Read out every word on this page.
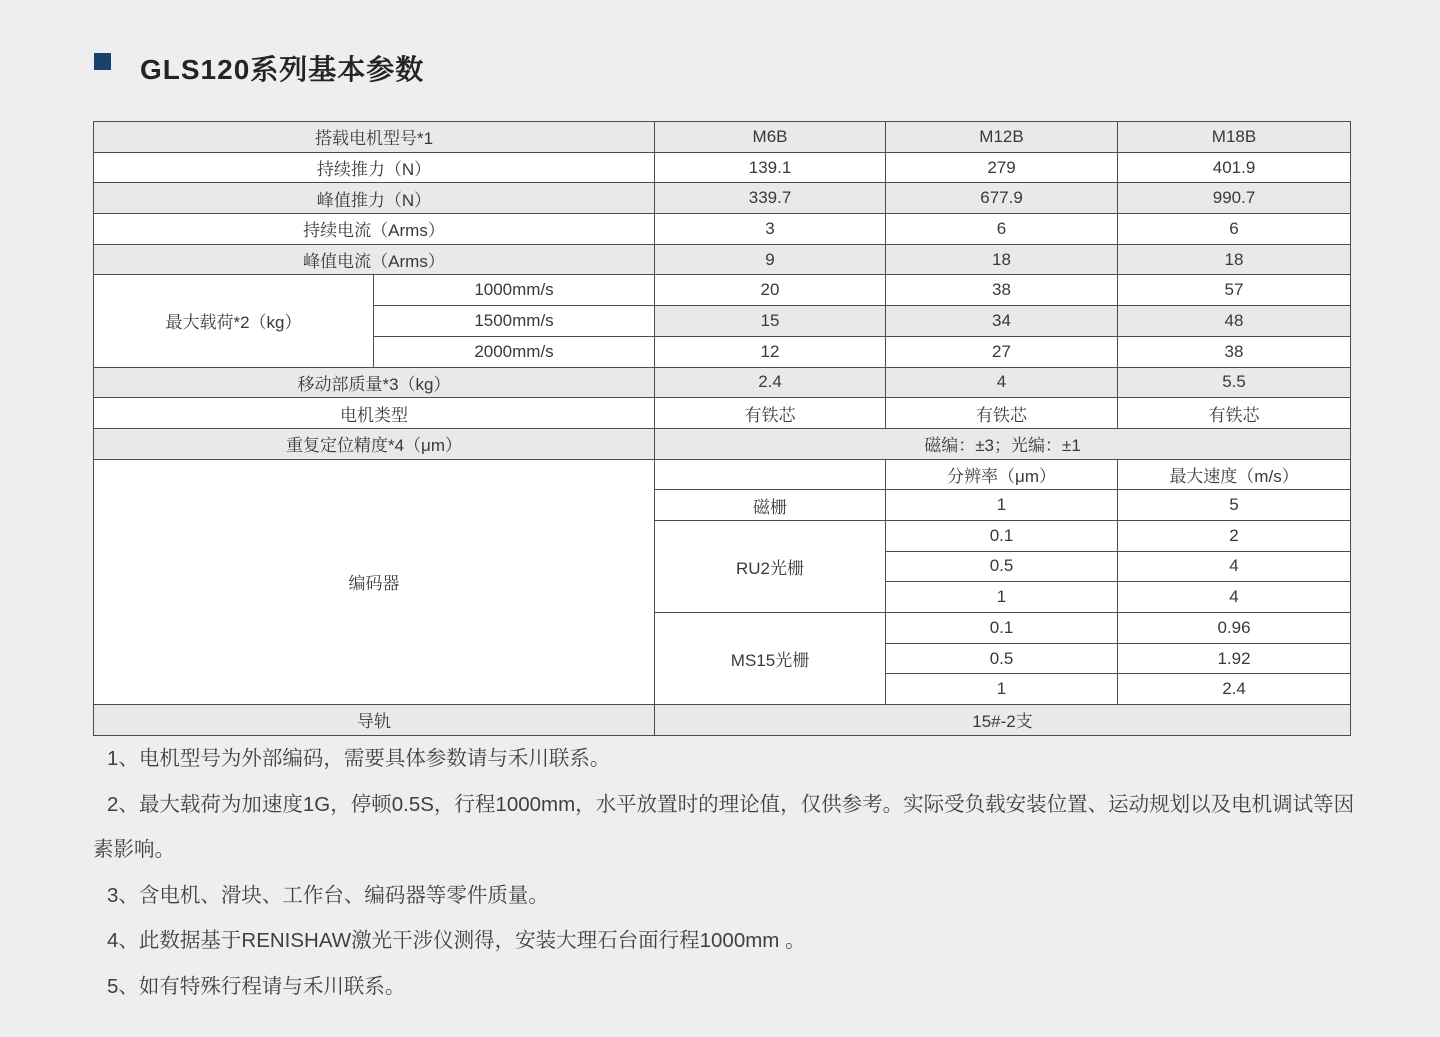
GLS120系列基本参数
搭载电机型号*1		M6B	M12B	M18B
持续推力（N）		139.1	279	401.9
峰值推力（N）		339.7	677.9	990.7
持续电流（Arms）		3	6	6
峰值电流（Arms）		9	18	18
最大载荷*2（kg）	1000mm/s	20	38	57
	1500mm/s	15	34	48
	2000mm/s	12	27	38
移动部质量*3（kg）		2.4	4	5.5
电机类型		有铁芯	有铁芯	有铁芯
重复定位精度*4（μm）		磁编：±3；光编：±1		
编码器			分辨率（μm）	最大速度（m/s）
		磁栅	1	5
		RU2光栅	0.1	2
			0.5	4
			1	4
		MS15光栅	0.1	0.96
			0.5	1.92
			1	2.4
导轨		15#-2支		

1、电机型号为外部编码，需要具体参数请与禾川联系。

2、最大载荷为加速度1G，停顿0.5S，行程1000mm，水平放置时的理论值，仅供参考。实际受负载安装位置、运动规划以及电机调试等因素影响。

3、含电机、滑块、工作台、编码器等零件质量。

4、此数据基于RENISHAW激光干涉仪测得，安装大理石台面行程1000mm 。

5、如有特殊行程请与禾川联系。
